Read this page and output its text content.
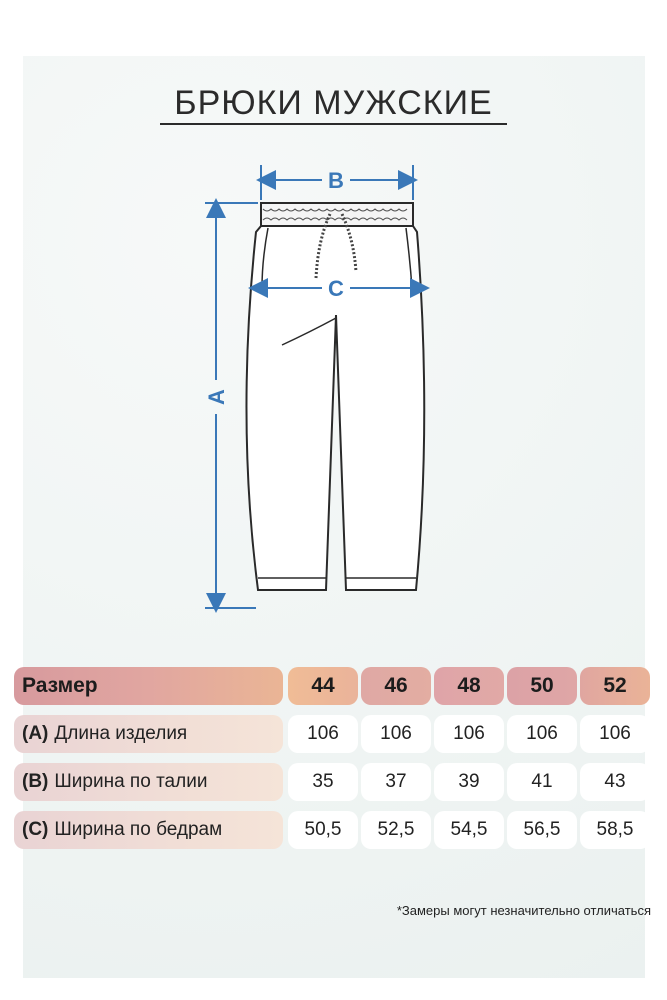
БРЮКИ МУЖСКИЕ
B
C
A
Размер	44	46	48	50	52
(A) Длина изделия	106	106	106	106	106
(B) Ширина по талии	35	37	39	41	43
(C) Ширина по бедрам	50,5	52,5	54,5	56,5	58,5
*Замеры могут незначительно отличаться
